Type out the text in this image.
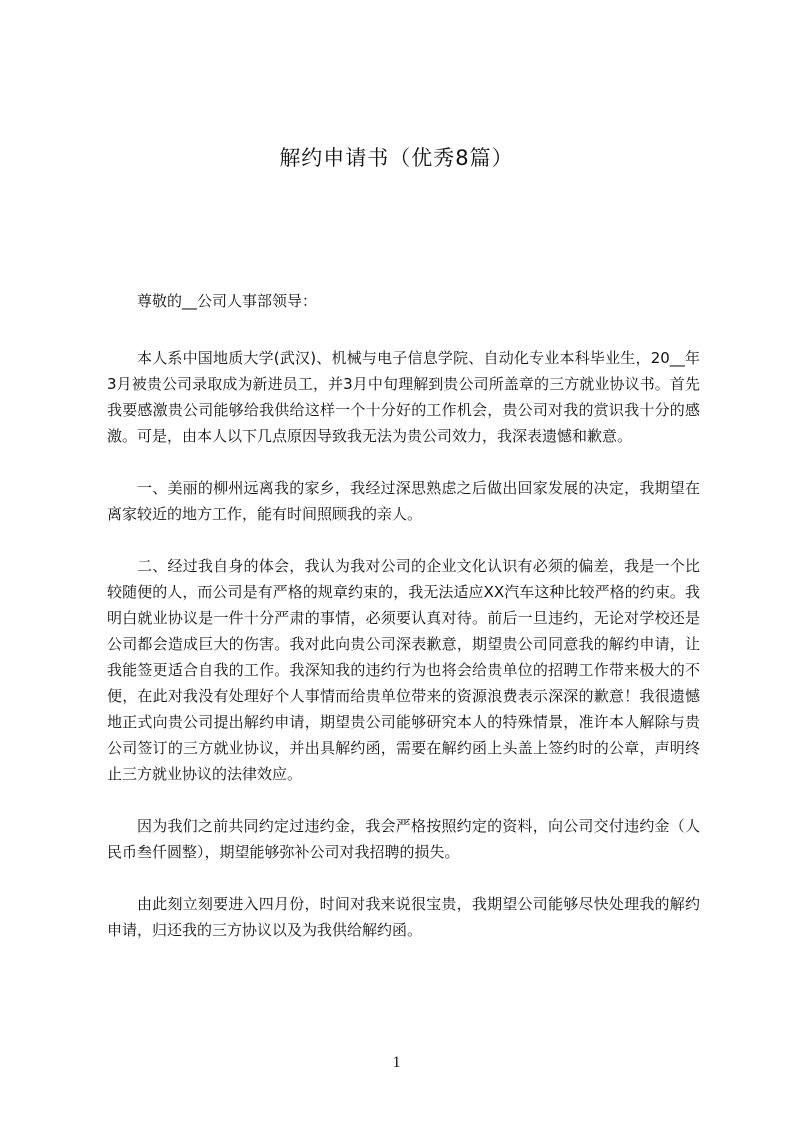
解约申请书（优秀8篇）

尊敬的__公司人事部领导：

本人系中国地质大学(武汉)、机械与电子信息学院、自动化专业本科毕业生，20__年3月被贵公司录取成为新进员工，并3月中旬理解到贵公司所盖章的三方就业协议书。首先我要感激贵公司能够给我供给这样一个十分好的工作机会，贵公司对我的赏识我十分的感激。可是，由本人以下几点原因导致我无法为贵公司效力，我深表遗憾和歉意。

一、美丽的柳州远离我的家乡，我经过深思熟虑之后做出回家发展的决定，我期望在离家较近的地方工作，能有时间照顾我的亲人。

二、经过我自身的体会，我认为我对公司的企业文化认识有必须的偏差，我是一个比较随便的人，而公司是有严格的规章约束的，我无法适应XX汽车这种比较严格的约束。我明白就业协议是一件十分严肃的事情，必须要认真对待。前后一旦违约，无论对学校还是公司都会造成巨大的伤害。我对此向贵公司深表歉意，期望贵公司同意我的解约申请，让我能签更适合自我的工作。我深知我的违约行为也将会给贵单位的招聘工作带来极大的不便，在此对我没有处理好个人事情而给贵单位带来的资源浪费表示深深的歉意！我很遗憾地正式向贵公司提出解约申请，期望贵公司能够研究本人的特殊情景，准许本人解除与贵公司签订的三方就业协议，并出具解约函，需要在解约函上头盖上签约时的公章，声明终止三方就业协议的法律效应。

因为我们之前共同约定过违约金，我会严格按照约定的资料，向公司交付违约金（人民币叁仟圆整），期望能够弥补公司对我招聘的损失。

由此刻立刻要进入四月份，时间对我来说很宝贵，我期望公司能够尽快处理我的解约申请，归还我的三方协议以及为我供给解约函。

1
